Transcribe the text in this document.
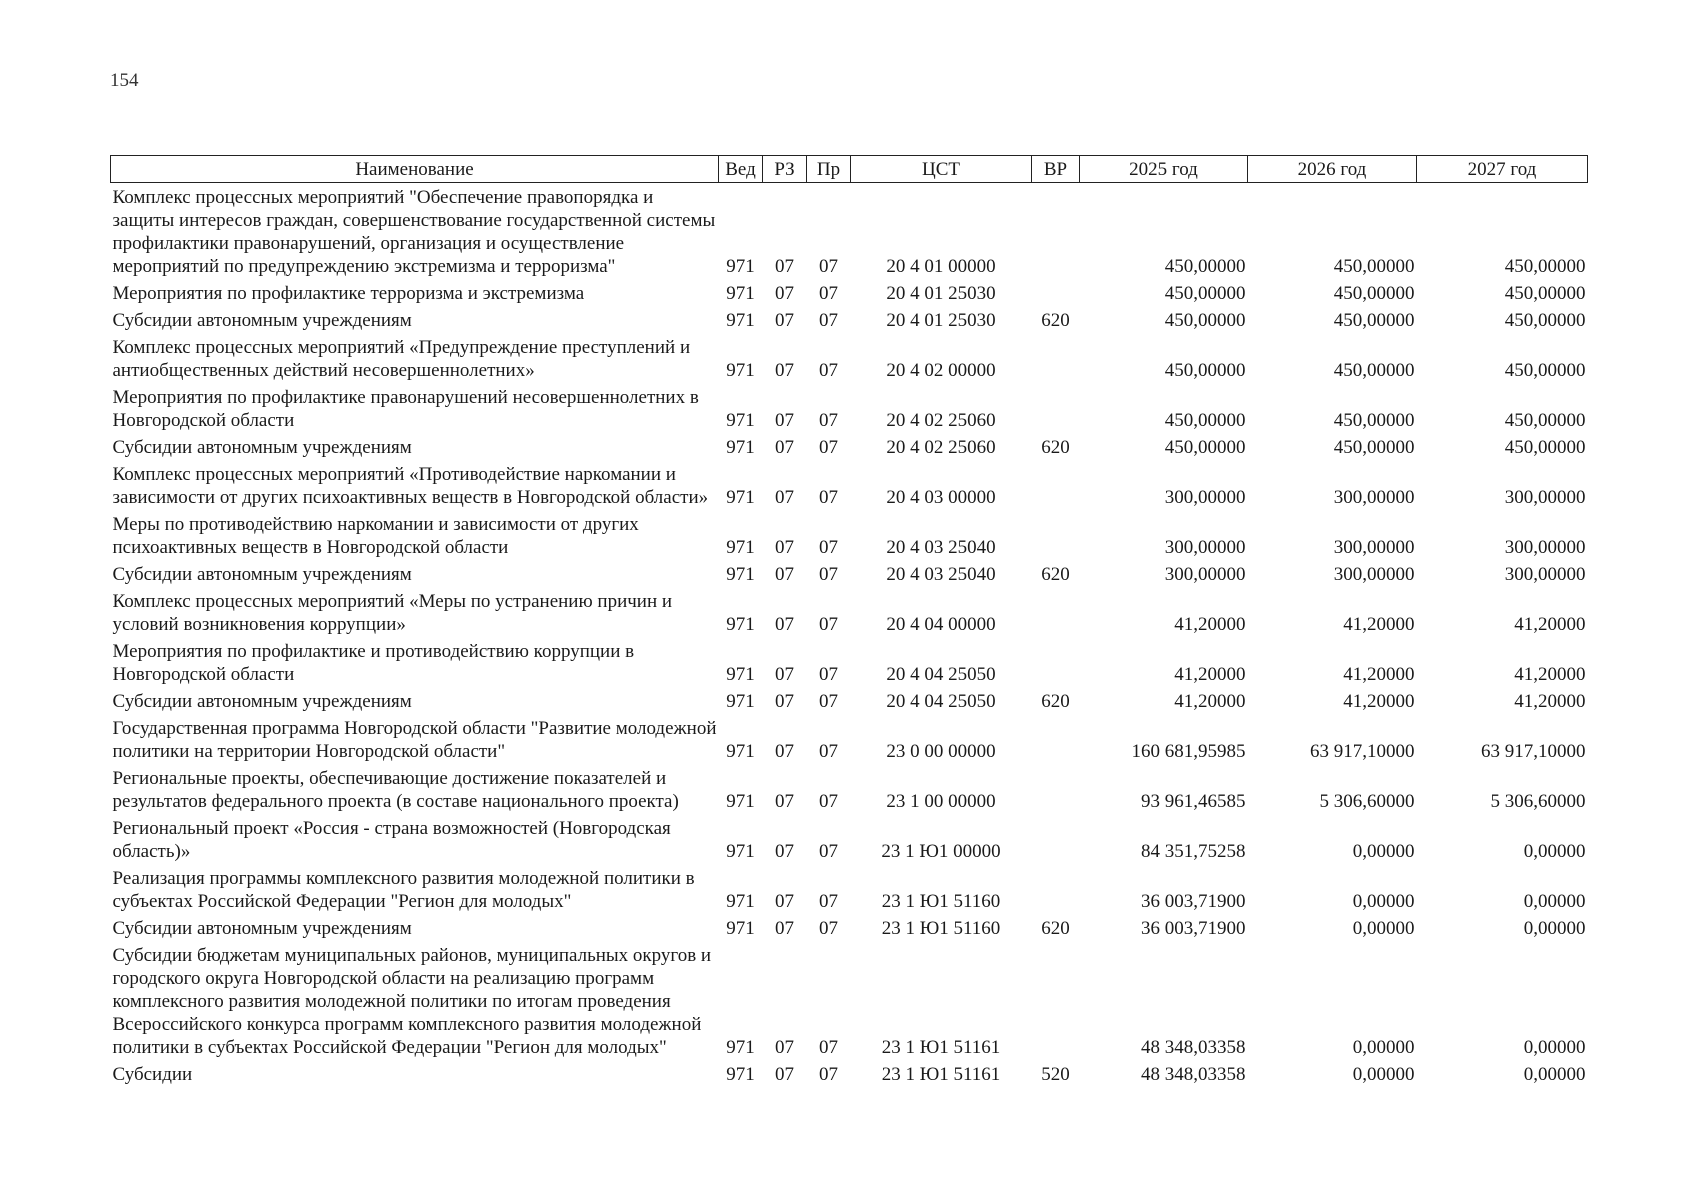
154
Наименование	Вед	РЗ	Пр	ЦСТ	ВР	2025 год	2026 год	2027 год
Комплекс процессных мероприятий "Обеспечение правопорядка и защиты интересов граждан, совершенствование государственной системы профилактики правонарушений, организация и осуществление мероприятий по предупреждению экстремизма и терроризма"	971	07	07	20 4 01 00000		450,00000	450,00000	450,00000
Мероприятия по профилактике терроризма и экстремизма	971	07	07	20 4 01 25030		450,00000	450,00000	450,00000
Субсидии автономным учреждениям	971	07	07	20 4 01 25030	620	450,00000	450,00000	450,00000
Комплекс процессных мероприятий «Предупреждение преступлений и антиобщественных действий несовершеннолетних»	971	07	07	20 4 02 00000		450,00000	450,00000	450,00000
Мероприятия по профилактике правонарушений несовершеннолетних в Новгородской области	971	07	07	20 4 02 25060		450,00000	450,00000	450,00000
Субсидии автономным учреждениям	971	07	07	20 4 02 25060	620	450,00000	450,00000	450,00000
Комплекс процессных мероприятий «Противодействие наркомании и зависимости от других психоактивных веществ в Новгородской области»	971	07	07	20 4 03 00000		300,00000	300,00000	300,00000
Меры по противодействию наркомании и зависимости от других психоактивных веществ в Новгородской области	971	07	07	20 4 03 25040		300,00000	300,00000	300,00000
Субсидии автономным учреждениям	971	07	07	20 4 03 25040	620	300,00000	300,00000	300,00000
Комплекс процессных мероприятий «Меры по устранению причин и условий возникновения коррупции»	971	07	07	20 4 04 00000		41,20000	41,20000	41,20000
Мероприятия по профилактике и противодействию коррупции в Новгородской области	971	07	07	20 4 04 25050		41,20000	41,20000	41,20000
Субсидии автономным учреждениям	971	07	07	20 4 04 25050	620	41,20000	41,20000	41,20000
Государственная программа Новгородской области "Развитие молодежной политики на территории Новгородской области"	971	07	07	23 0 00 00000		160 681,95985	63 917,10000	63 917,10000
Региональные проекты, обеспечивающие достижение показателей и результатов федерального проекта (в составе национального проекта)	971	07	07	23 1 00 00000		93 961,46585	5 306,60000	5 306,60000
Региональный проект «Россия - страна возможностей (Новгородская область)»	971	07	07	23 1 Ю1 00000		84 351,75258	0,00000	0,00000
Реализация программы комплексного развития молодежной политики в субъектах Российской Федерации "Регион для молодых"	971	07	07	23 1 Ю1 51160		36 003,71900	0,00000	0,00000
Субсидии автономным учреждениям	971	07	07	23 1 Ю1 51160	620	36 003,71900	0,00000	0,00000
Субсидии бюджетам муниципальных районов, муниципальных округов и городского округа Новгородской области на реализацию программ комплексного развития молодежной политики по итогам проведения Всероссийского конкурса программ комплексного развития молодежной политики в субъектах Российской Федерации "Регион для молодых"	971	07	07	23 1 Ю1 51161		48 348,03358	0,00000	0,00000
Субсидии	971	07	07	23 1 Ю1 51161	520	48 348,03358	0,00000	0,00000
